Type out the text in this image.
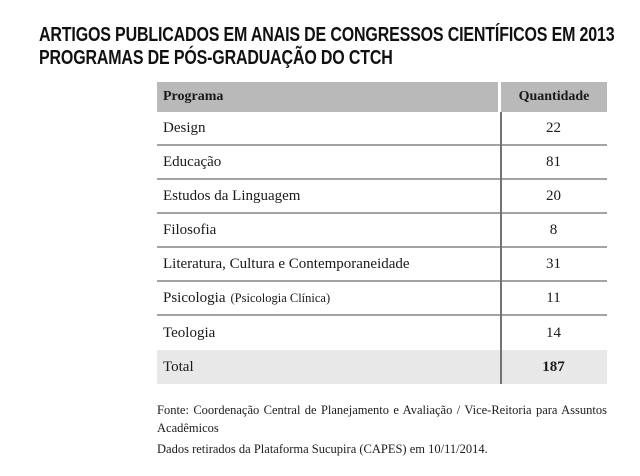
ARTIGOS PUBLICADOS EM ANAIS DE CONGRESSOS CIENTÍFICOS EM 2013
PROGRAMAS DE PÓS-GRADUAÇÃO DO CTCH
Programa	Quantidade
Design	22
Educação	81
Estudos da Linguagem	20
Filosofia	8
Literatura, Cultura e Contemporaneidade	31
Psicologia (Psicologia Clínica)	11
Teologia	14
Total	187

Fonte: Coordenação Central de Planejamento e Avaliação / Vice-Reitoria para Assuntos Acadêmicos

Dados retirados da Plataforma Sucupira (CAPES) em 10/11/2014.
